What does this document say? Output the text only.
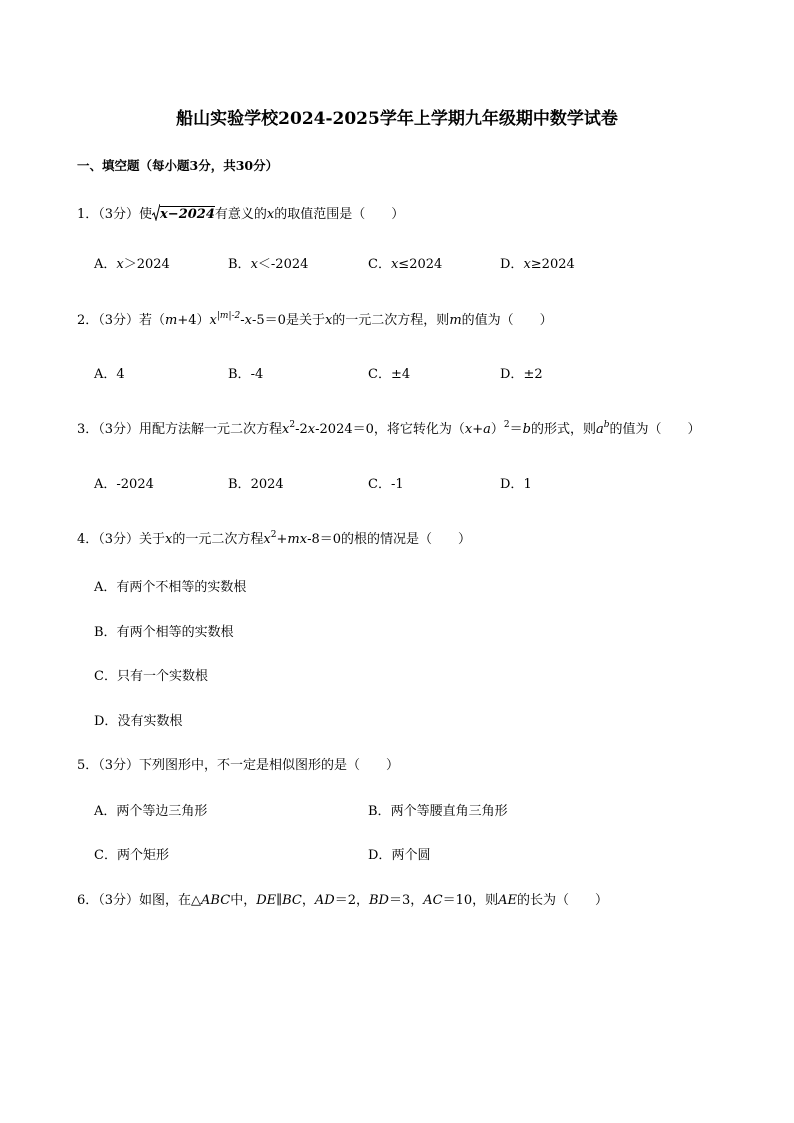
船山实验学校2024-2025学年上学期九年级期中数学试卷
一、填空题（每小题3分，共30分）
1．（3分）使 x−2024有意义的x的取值范围是（　　）
A．x＞2024	B．x＜-2024	C．x≤2024	D．x≥2024
2．（3分）若$(m+4)x^{|m|-2}-x-5=0$是关于x的一元二次方程，则m的值为（　　）
A．4	B．-4	C．±4	D．±2
3．（3分）用配方法解一元二次方程$x^2-2x-2024=0$，将它转化为$(x+a)^2=b$的形式，则$a^b$的值为（　　）
A．-2024	B．2024	C．-1	D．1
4．（3分）关于x的一元二次方程$x^2+mx-8=0$的根的情况是（　　）
A．有两个不相等的实数根
B．有两个相等的实数根
C．只有一个实数根
D．没有实数根
5．（3分）下列图形中，不一定是相似图形的是（　　）
A．两个等边三角形	B．两个等腰直角三角形
C．两个矩形	D．两个圆
6．（3分）如图，在△ABC中，DE∥BC，AD＝2，BD＝3，AC＝10，则AE的长为（　　）
